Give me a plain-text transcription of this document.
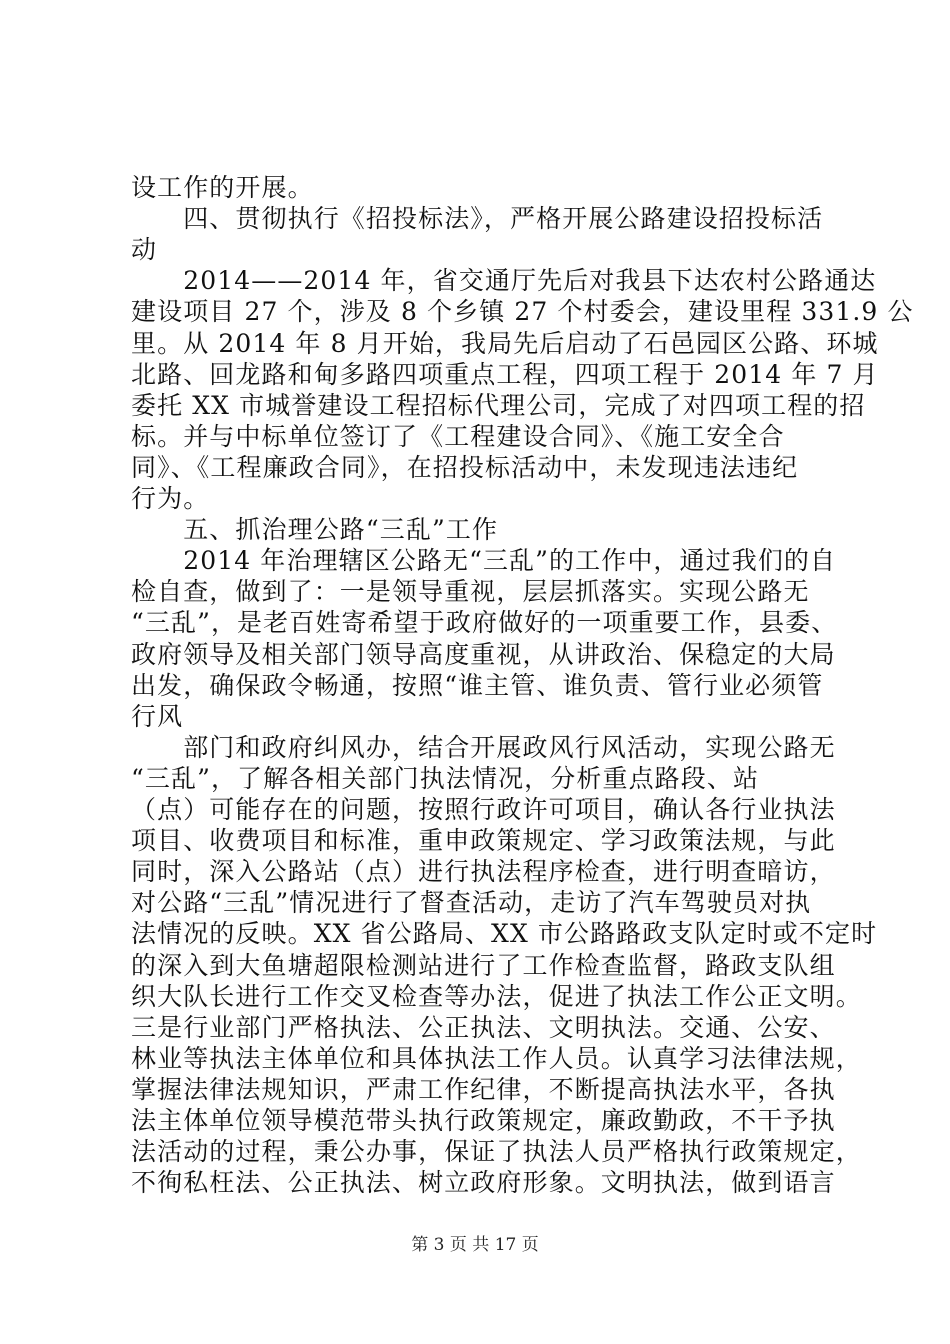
设工作的开展。
　　四、贯彻执行《招投标法》，严格开展公路建设招投标活
动
　　2014——2014 年，省交通厅先后对我县下达农村公路通达
建设项目 27 个，涉及 8 个乡镇 27 个村委会，建设里程 331.9 公
里。从 2014 年 8 月开始，我局先后启动了石邑园区公路、环城
北路、回龙路和甸多路四项重点工程，四项工程于 2014 年 7 月
委托 XX 市城誉建设工程招标代理公司，完成了对四项工程的招
标。并与中标单位签订了《工程建设合同》、《施工安全合
同》、《工程廉政合同》，在招投标活动中，未发现违法违纪
行为。
　　五、抓治理公路“三乱”工作
　　2014 年治理辖区公路无“三乱”的工作中，通过我们的自
检自查，做到了：一是领导重视，层层抓落实。实现公路无
“三乱”，是老百姓寄希望于政府做好的一项重要工作，县委、
政府领导及相关部门领导高度重视，从讲政治、保稳定的大局
出发，确保政令畅通，按照“谁主管、谁负责、管行业必须管
行风
　　部门和政府纠风办，结合开展政风行风活动，实现公路无
“三乱”，了解各相关部门执法情况，分析重点路段、站
（点）可能存在的问题，按照行政许可项目，确认各行业执法
项目、收费项目和标准，重申政策规定、学习政策法规，与此
同时，深入公路站（点）进行执法程序检查，进行明查暗访，
对公路“三乱”情况进行了督查活动，走访了汽车驾驶员对执
法情况的反映。XX 省公路局、XX 市公路路政支队定时或不定时
的深入到大鱼塘超限检测站进行了工作检查监督，路政支队组
织大队长进行工作交叉检查等办法，促进了执法工作公正文明。
三是行业部门严格执法、公正执法、文明执法。交通、公安、
林业等执法主体单位和具体执法工作人员。认真学习法律法规，
掌握法律法规知识，严肃工作纪律，不断提高执法水平，各执
法主体单位领导模范带头执行政策规定，廉政勤政，不干予执
第 3 页 共 17 页
法活动的过程，秉公办事，保证了执法人员严格执行政策规定，
不徇私枉法、公正执法、树立政府形象。文明执法，做到语言
